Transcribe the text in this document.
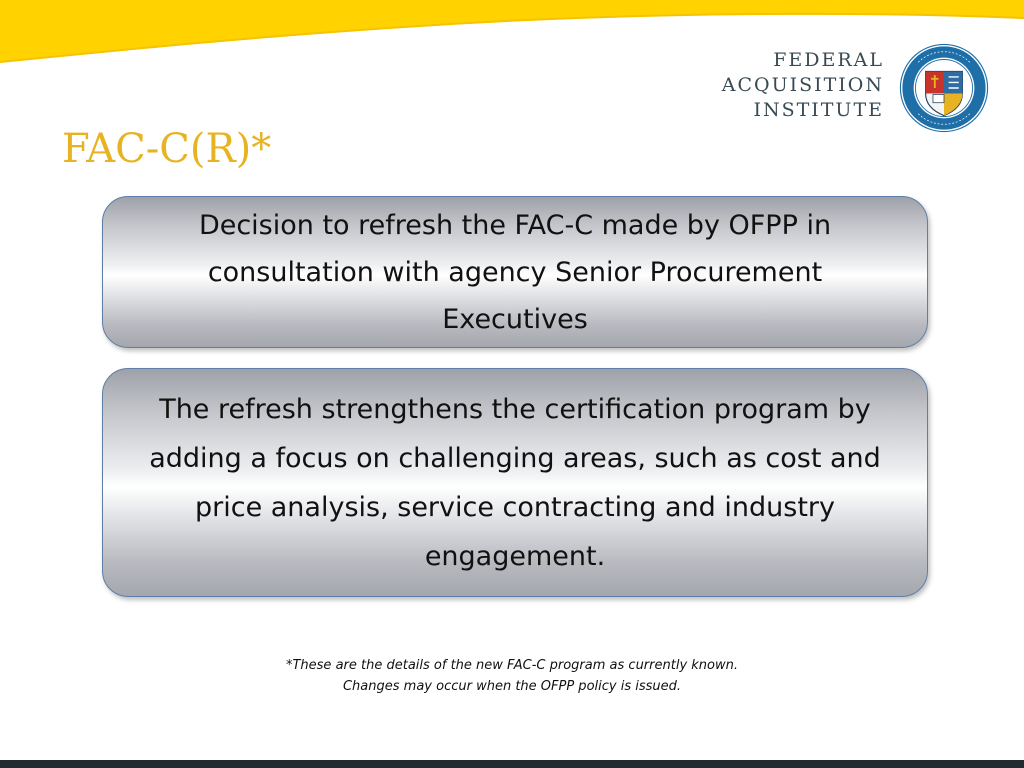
FEDERAL
ACQUISITION
INSTITUTE
FAC-C(R)*
Decision to refresh the FAC-C made by OFPP in consultation with agency Senior Procurement Executives
The refresh strengthens the certification program by adding a focus on challenging areas, such as cost and price analysis, service contracting and industry engagement.
*These are the details of the new FAC-C program as currently known.
Changes may occur when the OFPP policy is issued.
